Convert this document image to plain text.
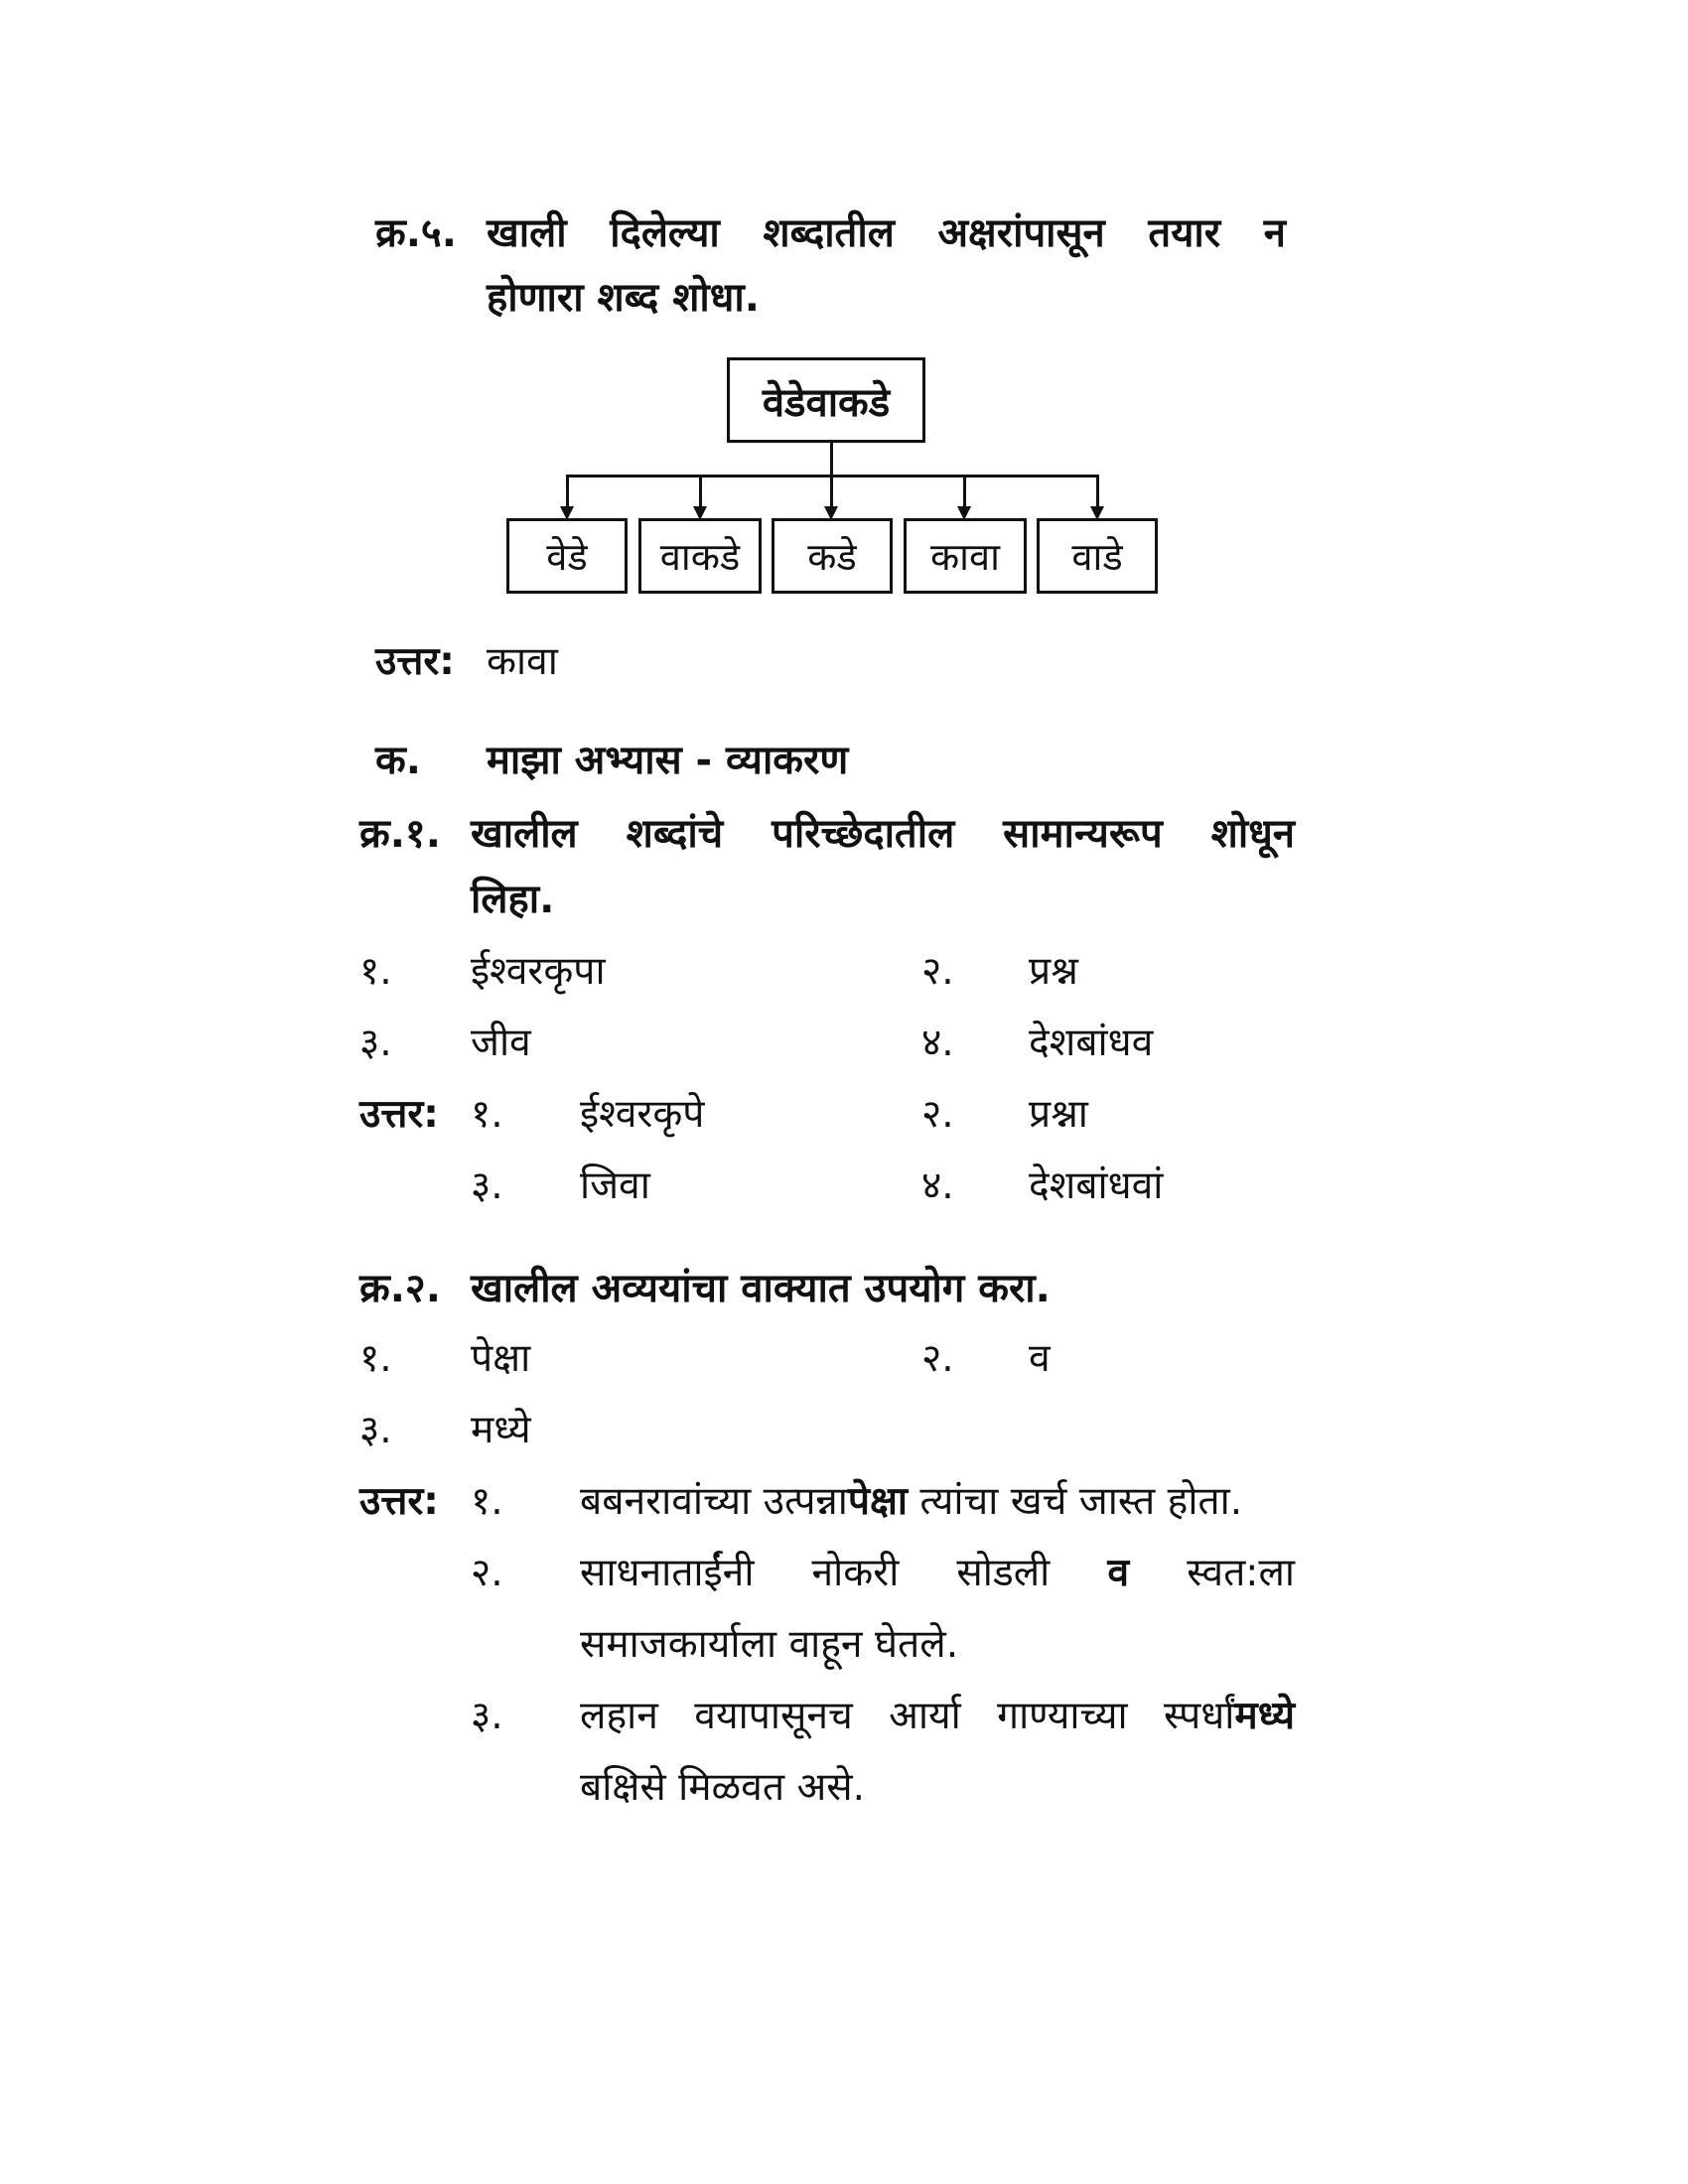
क्र.५. खाली दिलेल्या शब्दातील अक्षरांपासून तयार न
होणारा शब्द शोधा.
वेडेवाकडे
वेडे	वाकडे	कडे	कावा	वाडे
उत्तर: कावा
क. माझा अभ्यास - व्याकरण
क्र.१. खालील शब्दांचे परिच्छेदातील सामान्यरूप शोधून
लिहा.
१. ईश्वरकृपा	२. प्रश्न
३. जीव	४. देशबांधव
उत्तर: १. ईश्वरकृपे	२. प्रश्ना
३. जिवा	४. देशबांधवां
क्र.२. खालील अव्ययांचा वाक्यात उपयोग करा.
१. पेक्षा	२. व
३. मध्ये
उत्तर: १. बबनरावांच्या उत्पन्नापेक्षा त्यांचा खर्च जास्त होता.
२. साधनाताईंनी नोकरी सोडली व स्वत:ला
समाजकार्याला वाहून घेतले.
३. लहान वयापासूनच आर्या गाण्याच्या स्पर्धांमध्ये
बक्षिसे मिळवत असे.
